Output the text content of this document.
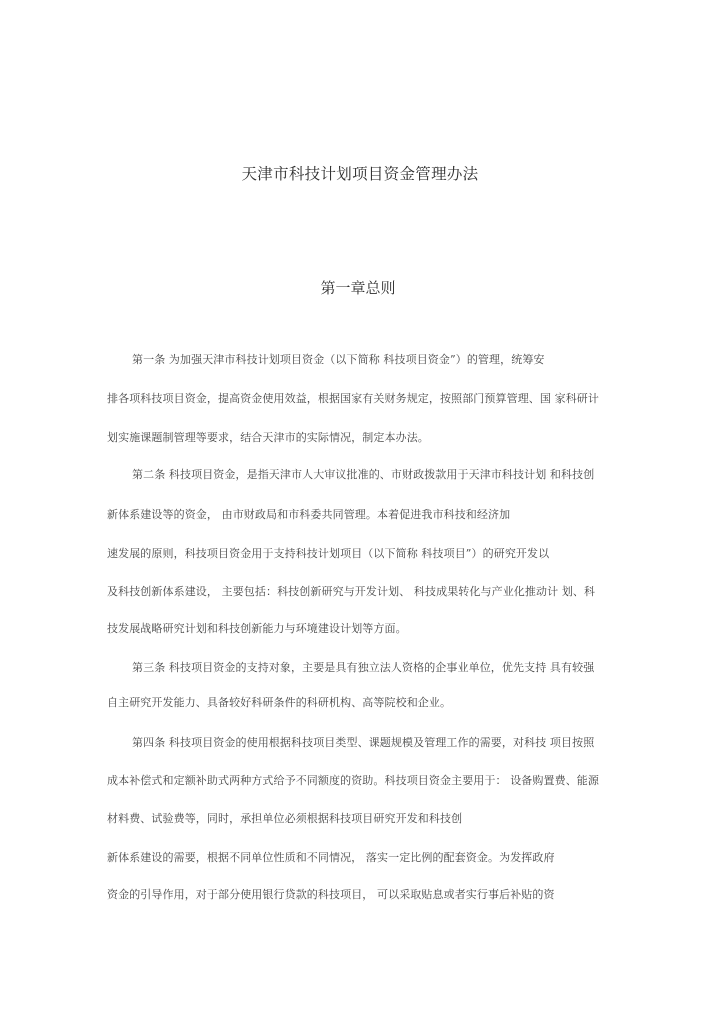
天津市科技计划项目资金管理办法
第一章总则
第一条 为加强天津市科技计划项目资金（以下简称 科技项目资金”）的管理，统筹安
排各项科技项目资金，提高资金使用效益，根据国家有关财务规定，按照部门预算管理、国 家科研计
划实施课题制管理等要求，结合天津市的实际情况，制定本办法。
第二条 科技项目资金，是指天津市人大审议批准的、市财政拨款用于天津市科技计划 和科技创
新体系建设等的资金， 由市财政局和市科委共同管理。本着促进我市科技和经济加
速发展的原则，科技项目资金用于支持科技计划项目（以下简称 科技项目”）的研究开发以
及科技创新体系建设， 主要包括：科技创新研究与开发计划、 科技成果转化与产业化推动计 划、科
技发展战略研究计划和科技创新能力与环境建设计划等方面。
第三条 科技项目资金的支持对象，主要是具有独立法人资格的企事业单位，优先支持 具有较强
自主研究开发能力、具备较好科研条件的科研机构、高等院校和企业。
第四条 科技项目资金的使用根据科技项目类型、课题规模及管理工作的需要，对科技 项目按照
成本补偿式和定额补助式两种方式给予不同额度的资助。科技项目资金主要用于： 设备购置费、能源
材料费、试验费等，同时，承担单位必须根据科技项目研究开发和科技创
新体系建设的需要，根据不同单位性质和不同情况， 落实一定比例的配套资金。为发挥政府
资金的引导作用，对于部分使用银行贷款的科技项目， 可以采取贴息或者实行事后补贴的资
